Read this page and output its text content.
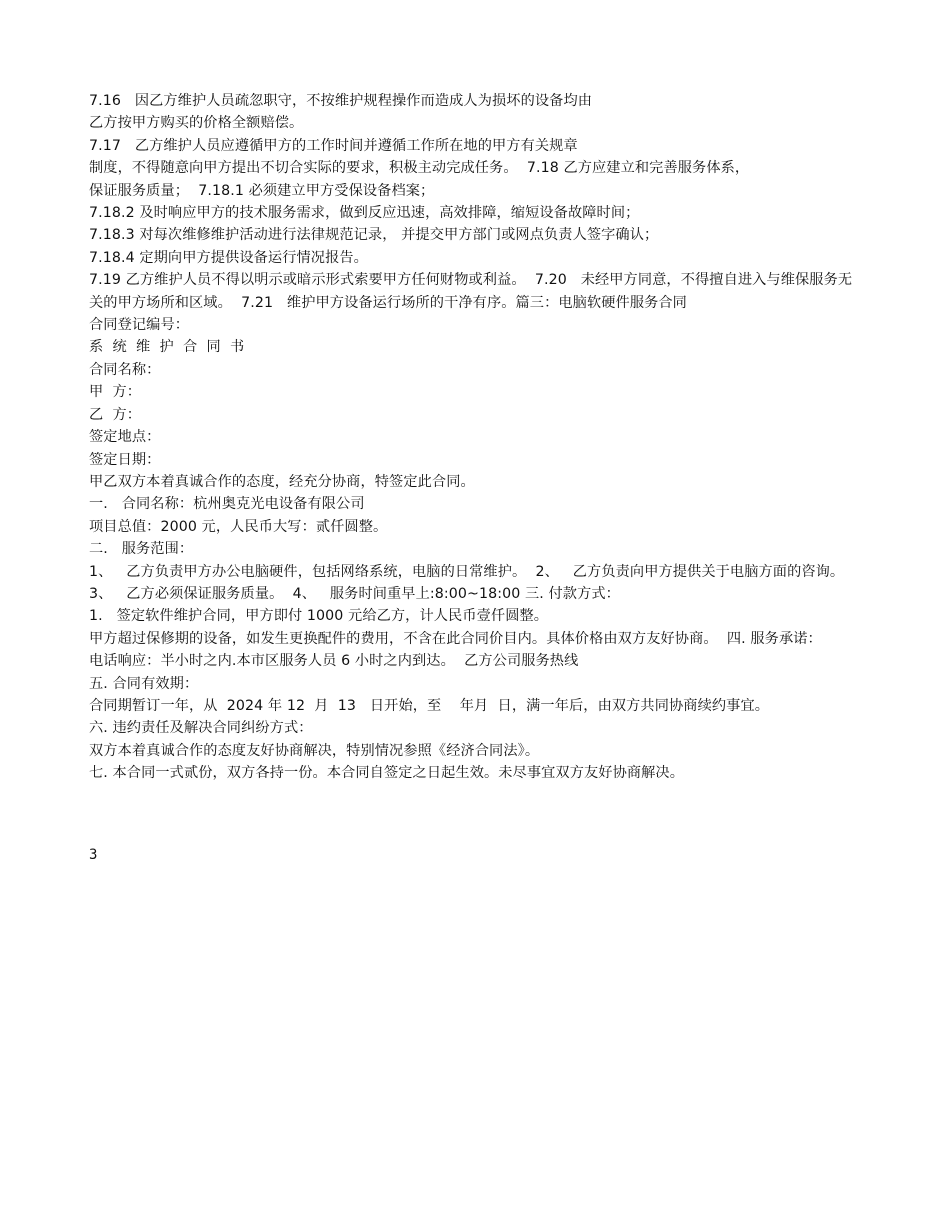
7.16   因乙方维护人员疏忽职守，不按维护规程操作而造成人为损坏的设备均由
乙方按甲方购买的价格全额赔偿。
7.17   乙方维护人员应遵循甲方的工作时间并遵循工作所在地的甲方有关规章
制度，不得随意向甲方提出不切合实际的要求，积极主动完成任务。  7.18 乙方应建立和完善服务体系，
保证服务质量；  7.18.1 必须建立甲方受保设备档案；
7.18.2 及时响应甲方的技术服务需求，做到反应迅速，高效排障，缩短设备故障时间；
7.18.3 对每次维修维护活动进行法律规范记录， 并提交甲方部门或网点负责人签字确认；
7.18.4 定期向甲方提供设备运行情况报告。
7.19 乙方维护人员不得以明示或暗示形式索要甲方任何财物或利益。  7.20   未经甲方同意，不得擅自进入与维保服务无关的甲方场所和区域。  7.21   维护甲方设备运行场所的干净有序。篇三：电脑软硬件服务合同
合同登记编号：
系  统  维  护  合  同  书
合同名称：
甲  方：
乙  方：
签定地点：
签定日期：
甲乙双方本着真诚合作的态度，经充分协商，特签定此合同。
一.   合同名称：杭州奥克光电设备有限公司
项目总值：2000 元，人民币大写：贰仟圆整。
二.   服务范围：
1、   乙方负责甲方办公电脑硬件，包括网络系统，电脑的日常维护。  2、   乙方负责向甲方提供关于电脑方面的咨询。  3、   乙方必须保证服务质量。  4、   服务时间重早上:8:00~18:00 三. 付款方式：
1.   签定软件维护合同，甲方即付 1000 元给乙方，计人民币壹仟圆整。
甲方超过保修期的设备，如发生更换配件的费用，不含在此合同价目内。具体价格由双方友好协商。  四. 服务承诺：
电话响应：半小时之内.本市区服务人员 6 小时之内到达。  乙方公司服务热线
五. 合同有效期：
合同期暂订一年，从  2024 年 12  月  13   日开始，至    年月  日，满一年后，由双方共同协商续约事宜。
六. 违约责任及解决合同纠纷方式：
双方本着真诚合作的态度友好协商解决，特别情况参照《经济合同法》。
七. 本合同一式贰份，双方各持一份。本合同自签定之日起生效。未尽事宜双方友好协商解决。
3
